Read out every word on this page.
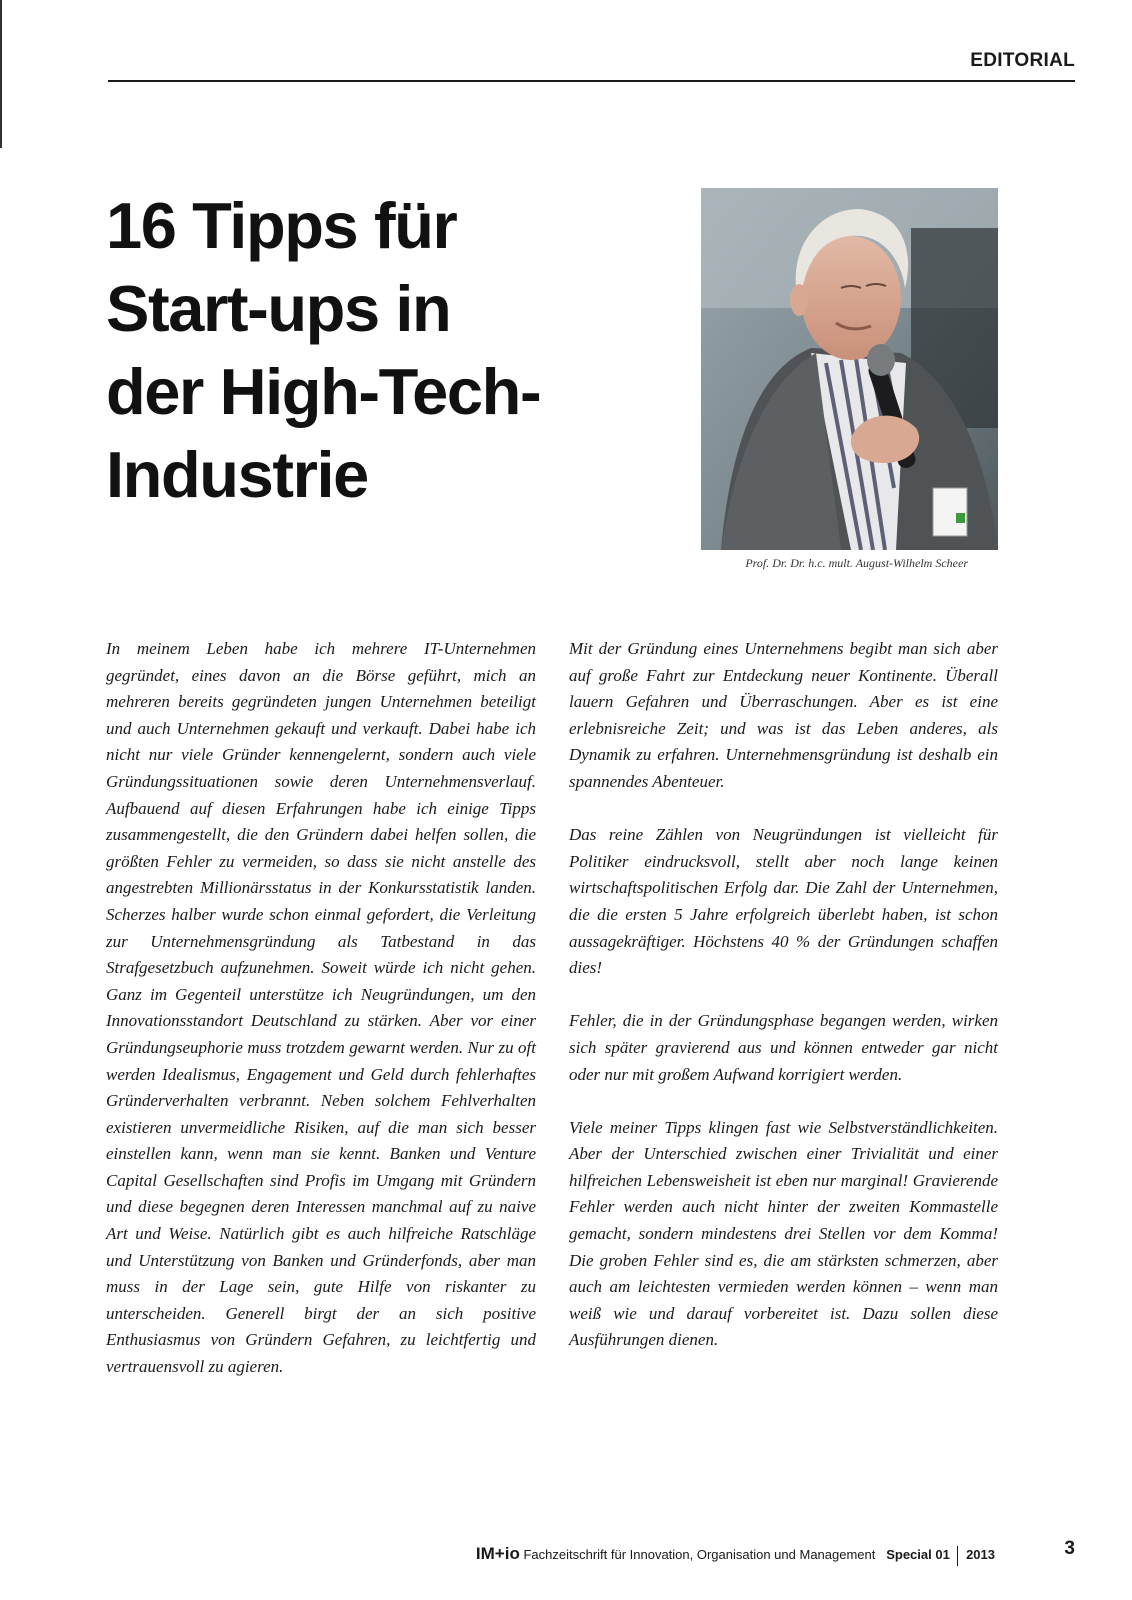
EDITORIAL
16 Tipps für
Start-ups in
der High-Tech-
Industrie
Prof. Dr. Dr. h.c. mult. August-Wilhelm Scheer

In meinem Leben habe ich mehrere IT-Unternehmen gegründet, eines davon an die Börse geführt, mich an mehreren bereits gegründeten jungen Unternehmen beteiligt und auch Unternehmen gekauft und verkauft. Dabei habe ich nicht nur viele Gründer kennengelernt, sondern auch viele Gründungssituationen sowie deren Unternehmensverlauf. Aufbauend auf diesen Erfahrungen habe ich einige Tipps zusammengestellt, die den Gründern dabei helfen sollen, die größten Fehler zu vermeiden, so dass sie nicht anstelle des angestrebten Millionärsstatus in der Konkursstatistik landen. Scherzes halber wurde schon einmal gefordert, die Verleitung zur Unternehmensgründung als Tatbestand in das Strafgesetzbuch aufzunehmen. Soweit würde ich nicht gehen. Ganz im Gegenteil unterstütze ich Neugründungen, um den Innovationsstandort Deutschland zu stärken. Aber vor einer Gründungseuphorie muss trotzdem gewarnt werden. Nur zu oft werden Idealismus, Engagement und Geld durch fehlerhaftes Gründerverhalten verbrannt. Neben solchem Fehlverhalten existieren unvermeidliche Risiken, auf die man sich besser einstellen kann, wenn man sie kennt. Banken und Venture Capital Gesellschaften sind Profis im Umgang mit Gründern und diese begegnen deren Interessen manchmal auf zu naive Art und Weise. Natürlich gibt es auch hilfreiche Ratschläge und Unterstützung von Banken und Gründerfonds, aber man muss in der Lage sein, gute Hilfe von riskanter zu unterscheiden. Generell birgt der an sich positive Enthusiasmus von Gründern Gefahren, zu leichtfertig und vertrauensvoll zu agieren.

Mit der Gründung eines Unternehmens begibt man sich aber auf große Fahrt zur Entdeckung neuer Kontinente. Überall lauern Gefahren und Überraschungen. Aber es ist eine erlebnisreiche Zeit; und was ist das Leben anderes, als Dynamik zu erfahren. Unternehmensgründung ist deshalb ein spannendes Abenteuer.

Das reine Zählen von Neugründungen ist vielleicht für Politiker eindrucksvoll, stellt aber noch lange keinen wirtschaftspolitischen Erfolg dar. Die Zahl der Unternehmen, die die ersten 5 Jahre erfolgreich überlebt haben, ist schon aussagekräftiger. Höchstens 40 % der Gründungen schaffen dies!

Fehler, die in der Gründungsphase begangen werden, wirken sich später gravierend aus und können entweder gar nicht oder nur mit großem Aufwand korrigiert werden.

Viele meiner Tipps klingen fast wie Selbstverständlichkeiten. Aber der Unterschied zwischen einer Trivialität und einer hilfreichen Lebensweisheit ist eben nur marginal! Gravierende Fehler werden auch nicht hinter der zweiten Kommastelle gemacht, sondern mindestens drei Stellen vor dem Komma! Die groben Fehler sind es, die am stärksten schmerzen, aber auch am leichtesten vermieden werden können – wenn man weiß wie und darauf vorbereitet ist. Dazu sollen diese Ausführungen dienen.

IM+io Fachzeitschrift für Innovation, Organisation und Management Special 01 2013	3
